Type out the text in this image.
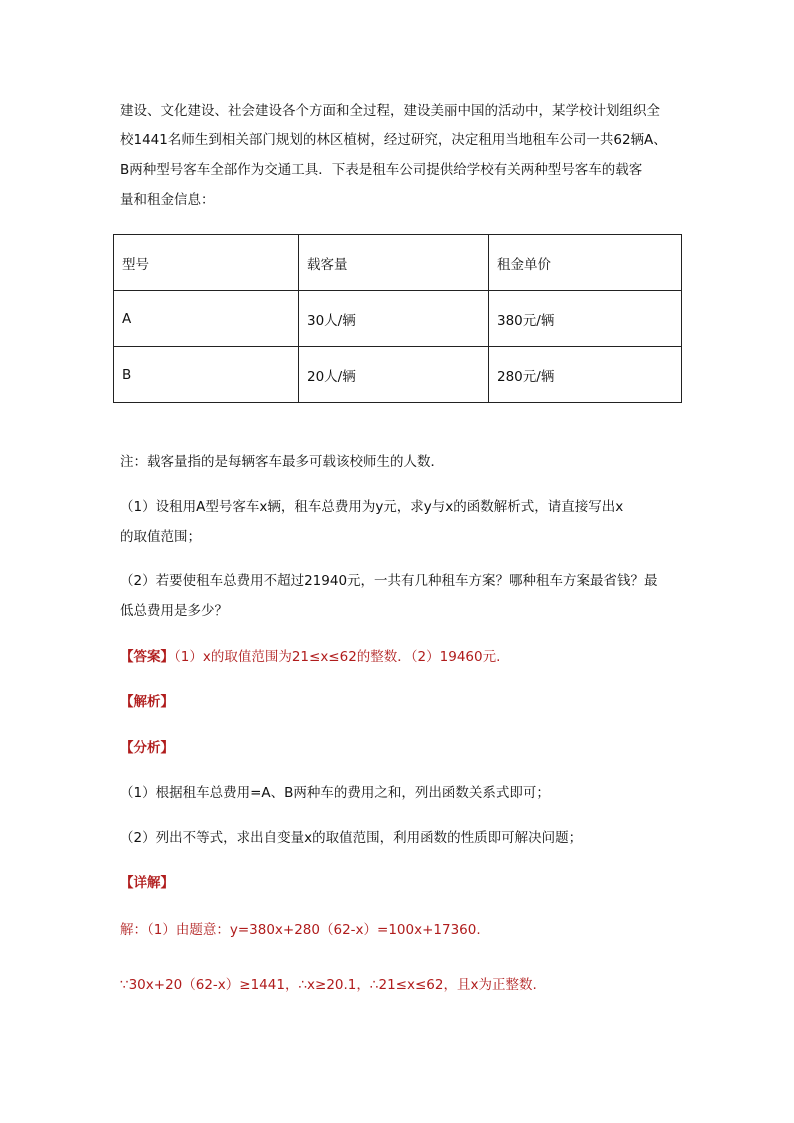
建设、文化建设、社会建设各个方面和全过程，建设美丽中国的活动中，某学校计划组织全
校1441名师生到相关部门规划的林区植树，经过研究，决定租用当地租车公司一共62辆A、
B两种型号客车全部作为交通工具．下表是租车公司提供给学校有关两种型号客车的载客
量和租金信息：
型号	载客量	租金单价
A	30人/辆	380元/辆
B	20人/辆	280元/辆
注：载客量指的是每辆客车最多可载该校师生的人数．
（1）设租用A型号客车x辆，租车总费用为y元，求y与x的函数解析式，请直接写出x
的取值范围；
（2）若要使租车总费用不超过21940元，一共有几种租车方案？哪种租车方案最省钱？最
低总费用是多少？
【答案】（1）x的取值范围为21≤x≤62的整数．（2）19460元.
【解析】
【分析】
（1）根据租车总费用=A、B两种车的费用之和，列出函数关系式即可；
（2）列出不等式，求出自变量x的取值范围，利用函数的性质即可解决问题；
【详解】
解：（1）由题意：y=380x+280（62-x）=100x+17360.
∵30x+20（62-x）≥1441，∴x≥20.1，∴21≤x≤62，且x为正整数.
